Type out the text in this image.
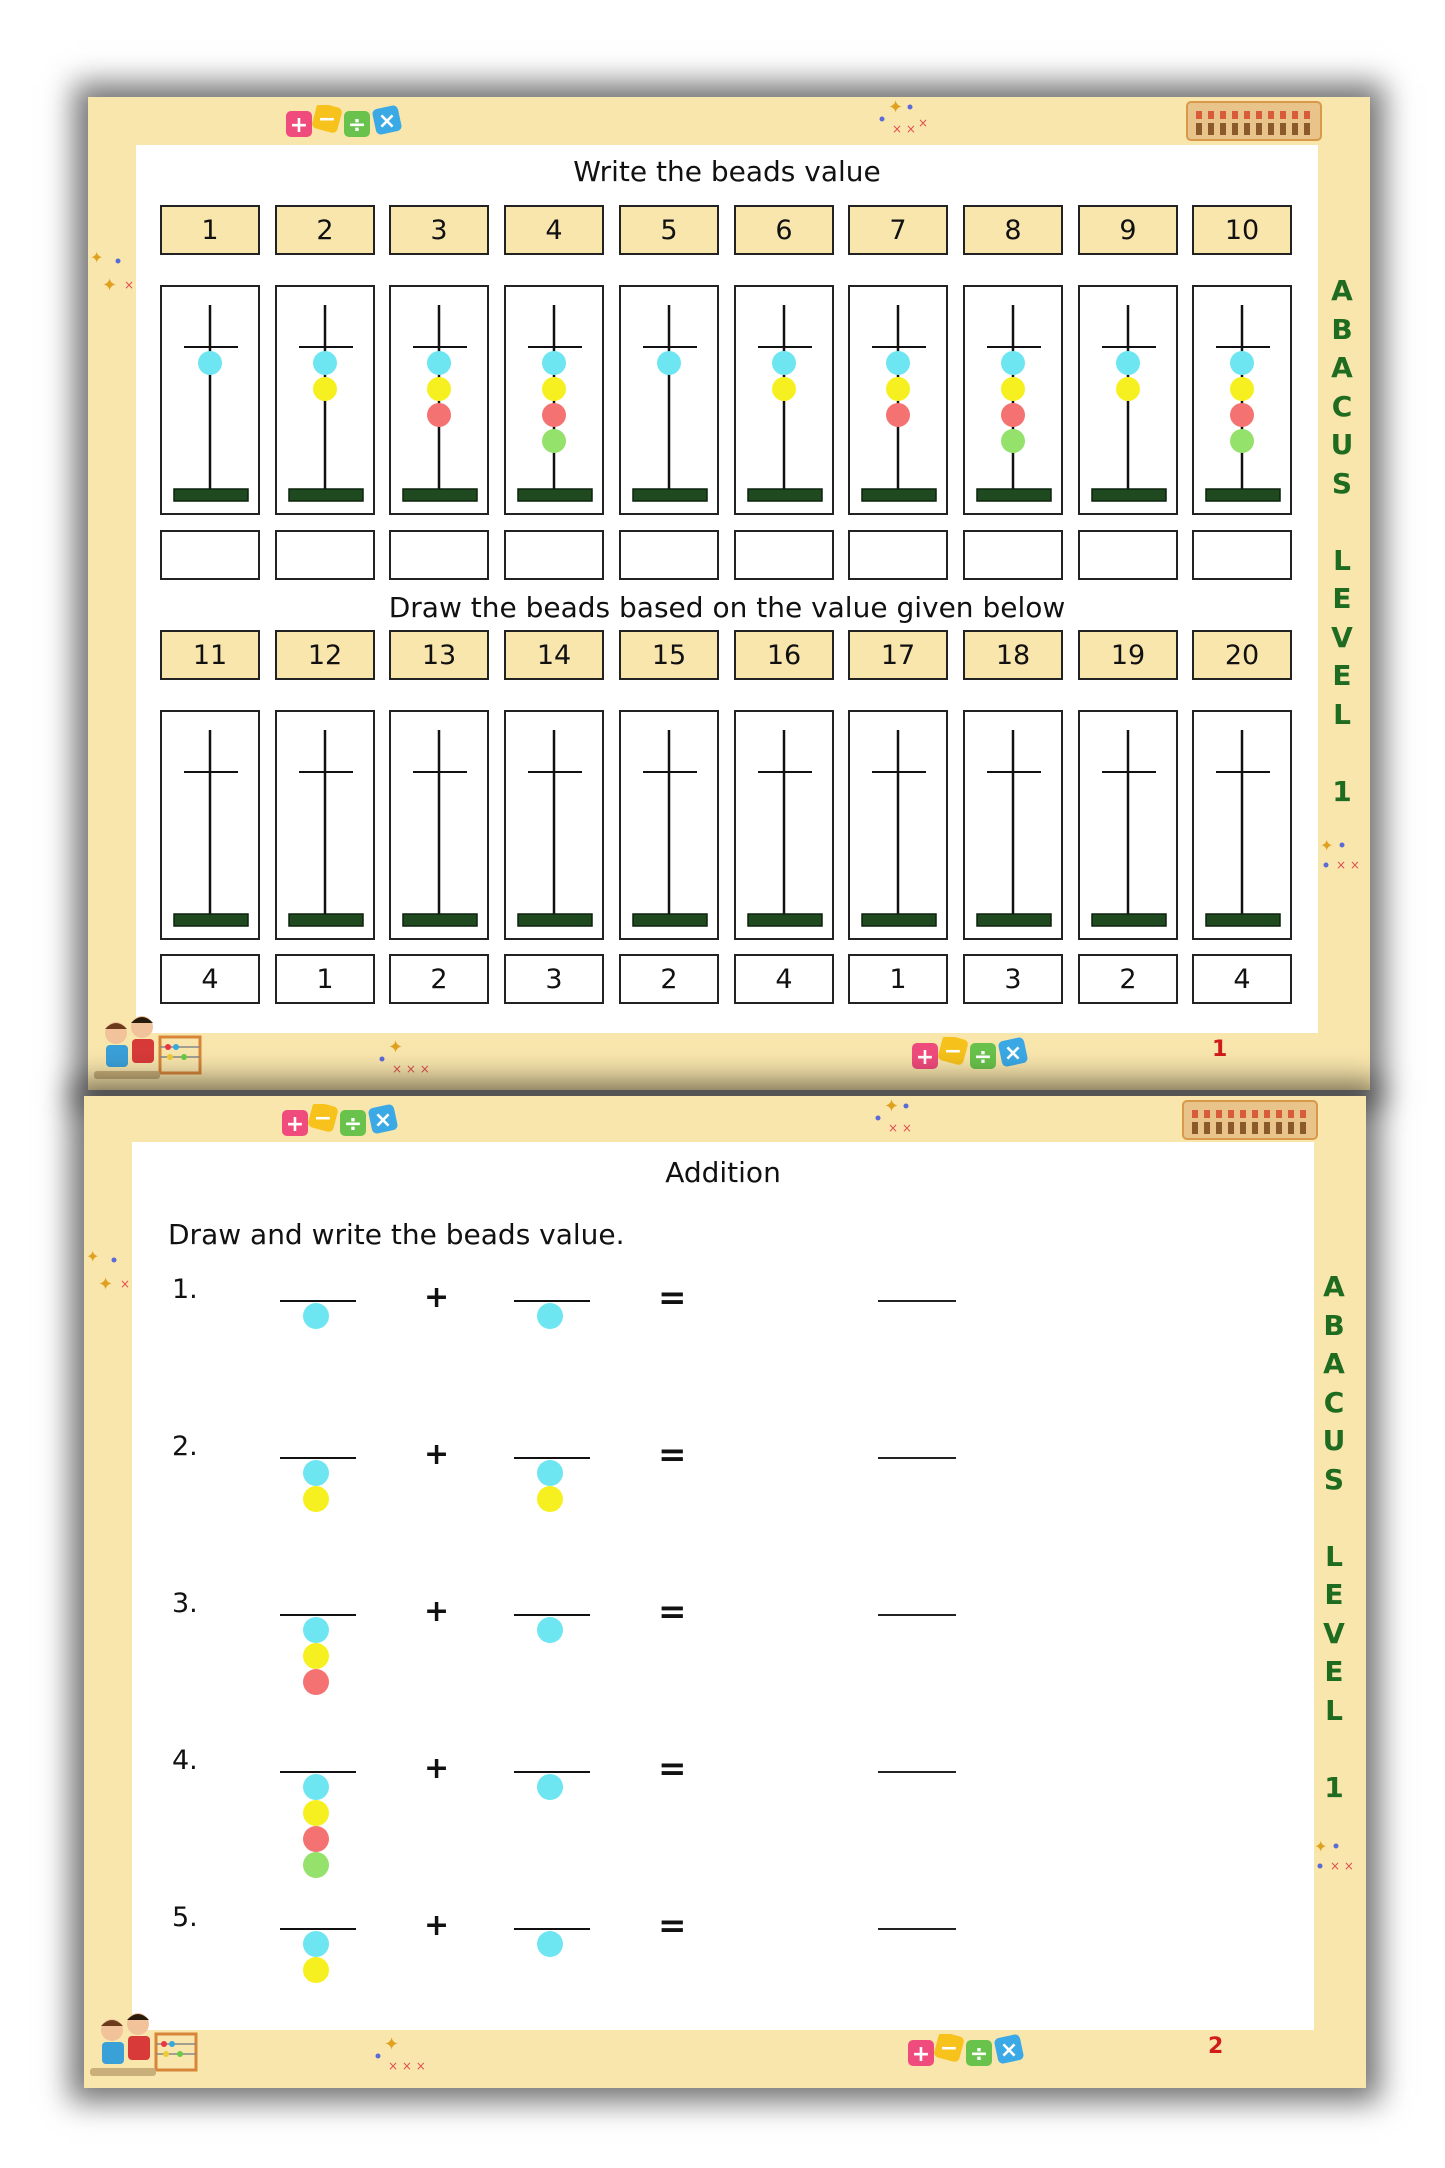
+ − ÷ ×
✦
× × ×
✦
✦ ×
Write the beads value
1	2	3	4	5	6	7	8	9	10
Draw the beads based on the value given below
11	12	13	14	15	16	17	18	19	20
4	1	2	3	2	4	1	3	2	4
A
B
A
C
U
S
L
E
V
E
L
1
✦
× ×
✦
× × ×	+ − ÷ ×	1
+ − ÷ ×
✦
× ×
✦
✦ ×
Addition
Draw and write the beads value.
1.	+	=
2.	+	=
3.	+	=
4.	+	=
5.	+	=
A
B
A
C
U
S
L
E
V
E
L
1
✦
× ×
✦
× × ×	+ − ÷ ×	2
